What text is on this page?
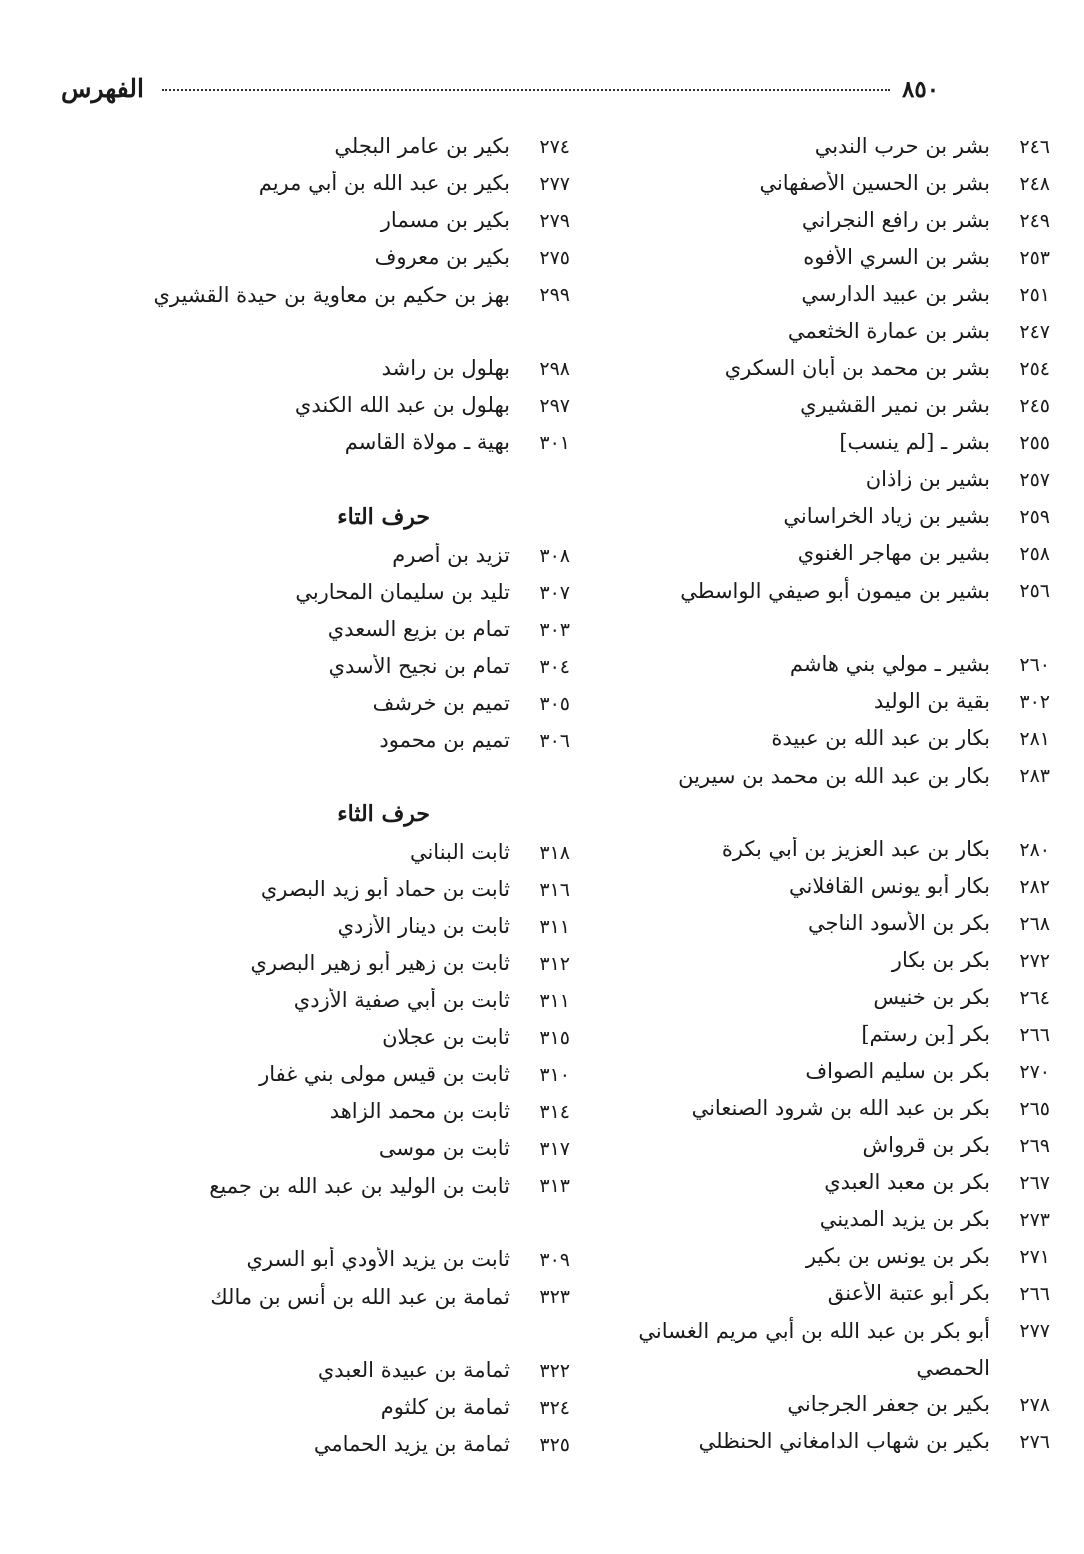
الفهرس	٨٥٠
٢٤٦
بشر بن حرب الندبي
٢٤٨
بشر بن الحسين الأصفهاني
٢٤٩
بشر بن رافع النجراني
٢٥٣
بشر بن السري الأفوه
٢٥١
بشر بن عبيد الدارسي
٢٤٧
بشر بن عمارة الخثعمي
٢٥٤
بشر بن محمد بن أبان السكري
٢٤٥
بشر بن نمير القشيري
٢٥٥
بشر ـ [لم ينسب]
٢٥٧
بشير بن زاذان
٢٥٩
بشير بن زياد الخراساني
٢٥٨
بشير بن مهاجر الغنوي
٢٥٦
بشير بن ميمون أبو صيفي الواسطي
٢٦٠
بشير ـ مولي بني هاشم
٣٠٢
بقية بن الوليد
٢٨١
بكار بن عبد الله بن عبيدة
٢٨٣
بكار بن عبد الله بن محمد بن سيرين
٢٨٠
بكار بن عبد العزيز بن أبي بكرة
٢٨٢
بكار أبو يونس القافلاني
٢٦٨
بكر بن الأسود الناجي
٢٧٢
بكر بن بكار
٢٦٤
بكر بن خنيس
٢٦٦
بكر [بن رستم]
٢٧٠
بكر بن سليم الصواف
٢٦٥
بكر بن عبد الله بن شرود الصنعاني
٢٦٩
بكر بن قرواش
٢٦٧
بكر بن معبد العبدي
٢٧٣
بكر بن يزيد المديني
٢٧١
بكر بن يونس بن بكير
٢٦٦
بكر أبو عتبة الأعنق
٢٧٧
أبو بكر بن عبد الله بن أبي مريم الغساني الحمصي
٢٧٨
بكير بن جعفر الجرجاني
٢٧٦
بكير بن شهاب الدامغاني الحنظلي
٢٧٤
بكير بن عامر البجلي
٢٧٧
بكير بن عبد الله بن أبي مريم
٢٧٩
بكير بن مسمار
٢٧٥
بكير بن معروف
٢٩٩
بهز بن حكيم بن معاوية بن حيدة القشيري
٢٩٨
بهلول بن راشد
٢٩٧
بهلول بن عبد الله الكندي
٣٠١
بهية ـ مولاة القاسم
حرف التاء
٣٠٨
تزيد بن أصرم
٣٠٧
تليد بن سليمان المحاربي
٣٠٣
تمام بن بزيع السعدي
٣٠٤
تمام بن نجيح الأسدي
٣٠٥
تميم بن خرشف
٣٠٦
تميم بن محمود
حرف الثاء
٣١٨
ثابت البناني
٣١٦
ثابت بن حماد أبو زيد البصري
٣١١
ثابت بن دينار الأزدي
٣١٢
ثابت بن زهير أبو زهير البصري
٣١١
ثابت بن أبي صفية الأزدي
٣١٥
ثابت بن عجلان
٣١٠
ثابت بن قيس مولى بني غفار
٣١٤
ثابت بن محمد الزاهد
٣١٧
ثابت بن موسى
٣١٣
ثابت بن الوليد بن عبد الله بن جميع
٣٠٩
ثابت بن يزيد الأودي أبو السري
٣٢٣
ثمامة بن عبد الله بن أنس بن مالك
٣٢٢
ثمامة بن عبيدة العبدي
٣٢٤
ثمامة بن كلثوم
٣٢٥
ثمامة بن يزيد الحمامي
